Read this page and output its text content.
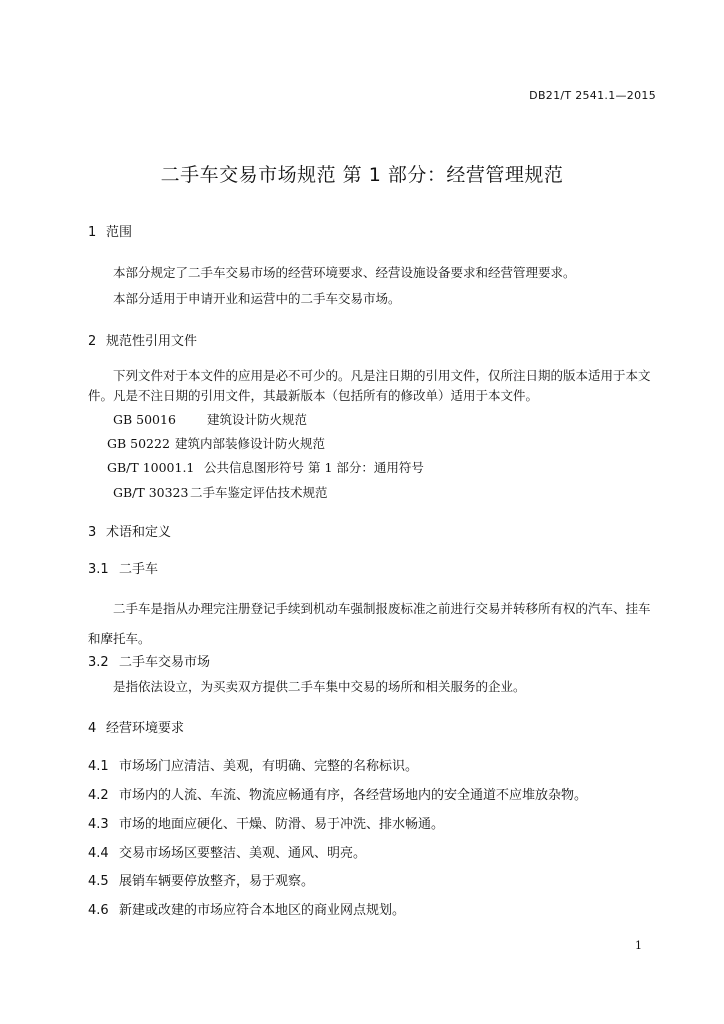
DB21/T 2541.1—2015
二手车交易市场规范 第 1 部分：经营管理规范
1 范围
本部分规定了二手车交易市场的经营环境要求、经营设施设备要求和经营管理要求。
本部分适用于申请开业和运营中的二手车交易市场。
2 规范性引用文件
下列文件对于本文件的应用是必不可少的。凡是注日期的引用文件，仅所注日期的版本适用于本文件。凡是不注日期的引用文件，其最新版本（包括所有的修改单）适用于本文件。
GB 50016 建筑设计防火规范
GB 50222 建筑内部装修设计防火规范
GB/T 10001.1 公共信息图形符号 第 1 部分：通用符号
GB/T 30323 二手车鉴定评估技术规范
3 术语和定义
3.1 二手车
二手车是指从办理完注册登记手续到机动车强制报废标准之前进行交易并转移所有权的汽车、挂车和摩托车。
3.2 二手车交易市场
是指依法设立，为买卖双方提供二手车集中交易的场所和相关服务的企业。
4 经营环境要求
4.1 市场场门应清洁、美观，有明确、完整的名称标识。
4.2 市场内的人流、车流、物流应畅通有序，各经营场地内的安全通道不应堆放杂物。
4.3 市场的地面应硬化、干燥、防滑、易于冲洗、排水畅通。
4.4 交易市场场区要整洁、美观、通风、明亮。
4.5 展销车辆要停放整齐，易于观察。
4.6 新建或改建的市场应符合本地区的商业网点规划。
1
